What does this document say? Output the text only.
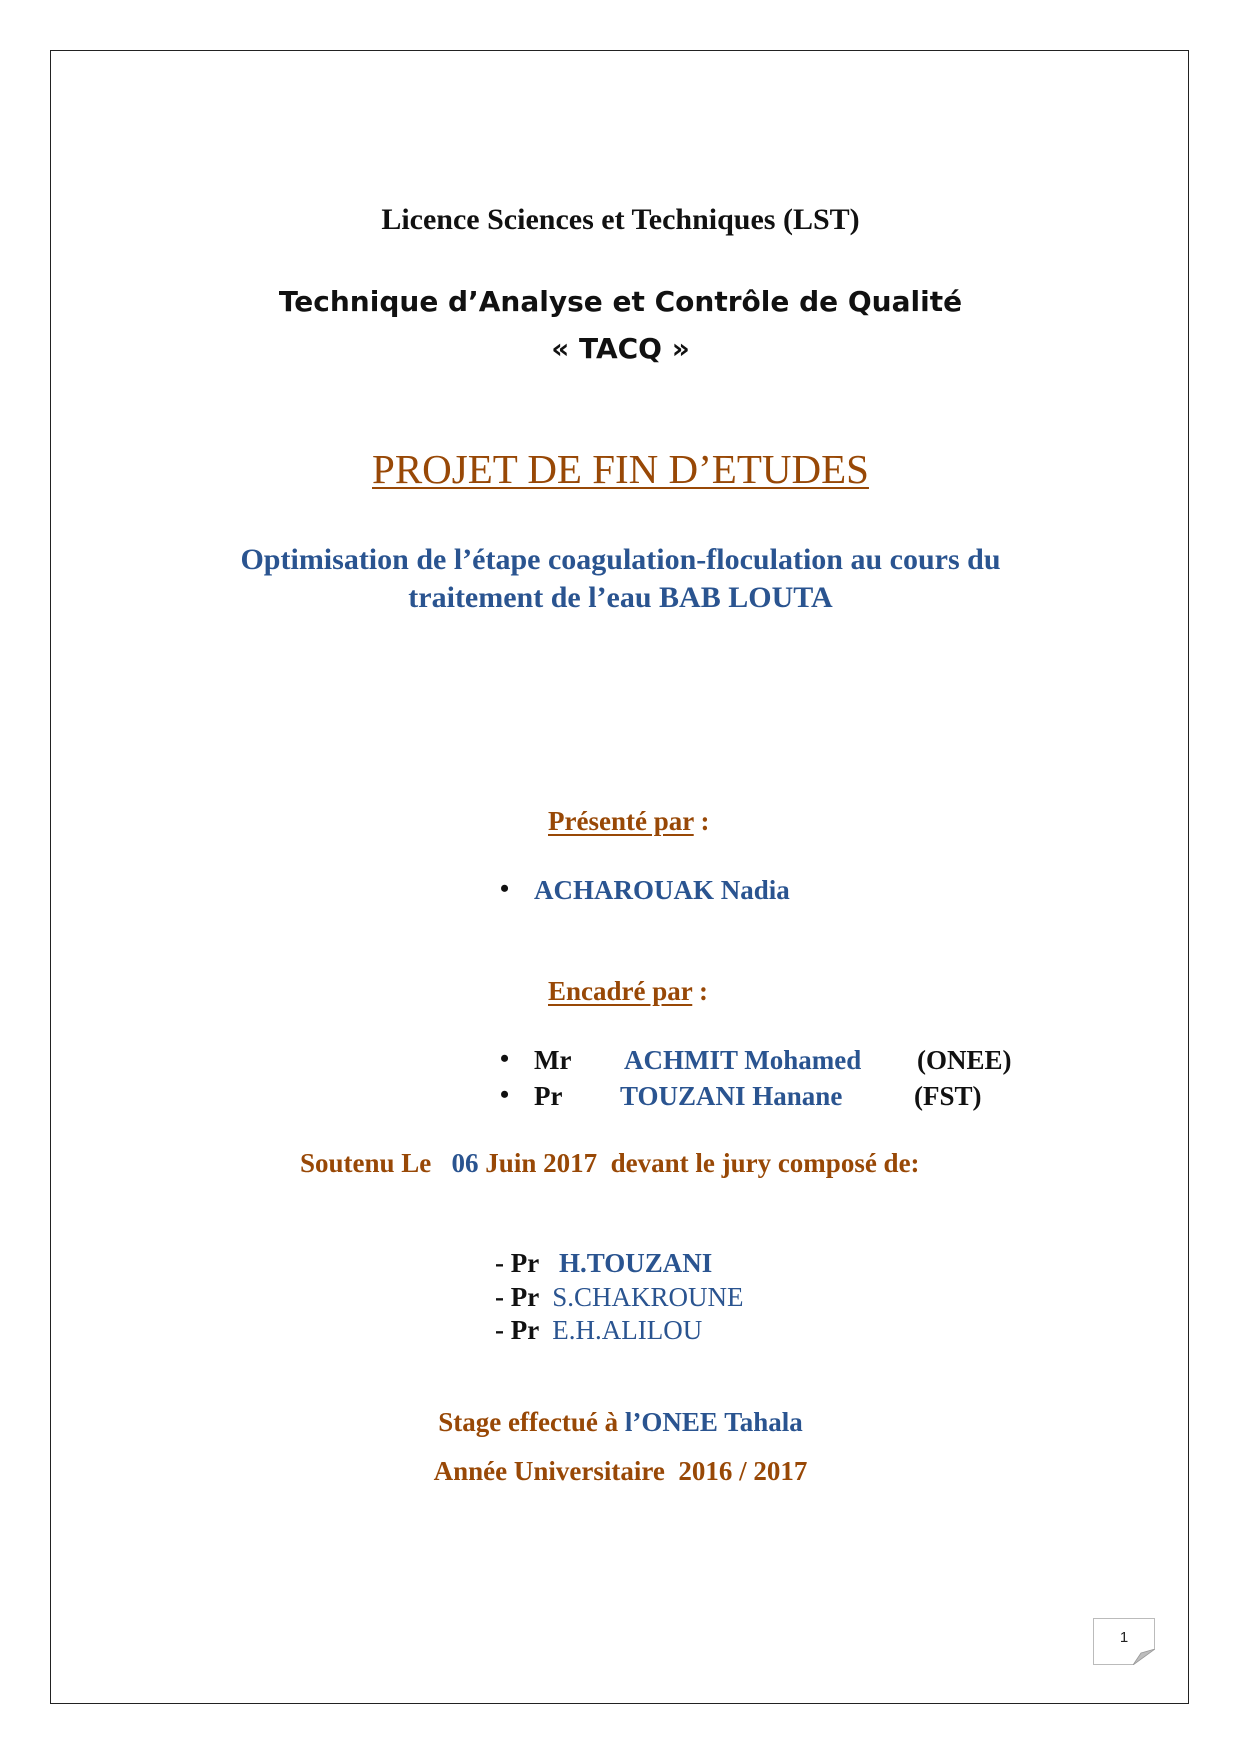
Licence Sciences et Techniques (LST)
Technique d’Analyse et Contrôle de Qualité
« TACQ »
PROJET DE FIN D’ETUDES
Optimisation de l’étape coagulation-floculation au cours du
traitement de l’eau BAB LOUTA
Présenté par :
• ACHAROUAK Nadia
Encadré par :
• Mr ACHMIT Mohamed (ONEE)
• Pr TOUZANI Hanane	(FST)
Soutenu Le 06 Juin 2017 devant le jury composé de:
- Pr H.TOUZANI
- Pr S.CHAKROUNE
- Pr E.H.ALILOU
Stage effectué à l’ONEE Tahala
Année Universitaire  2016 / 2017
1
